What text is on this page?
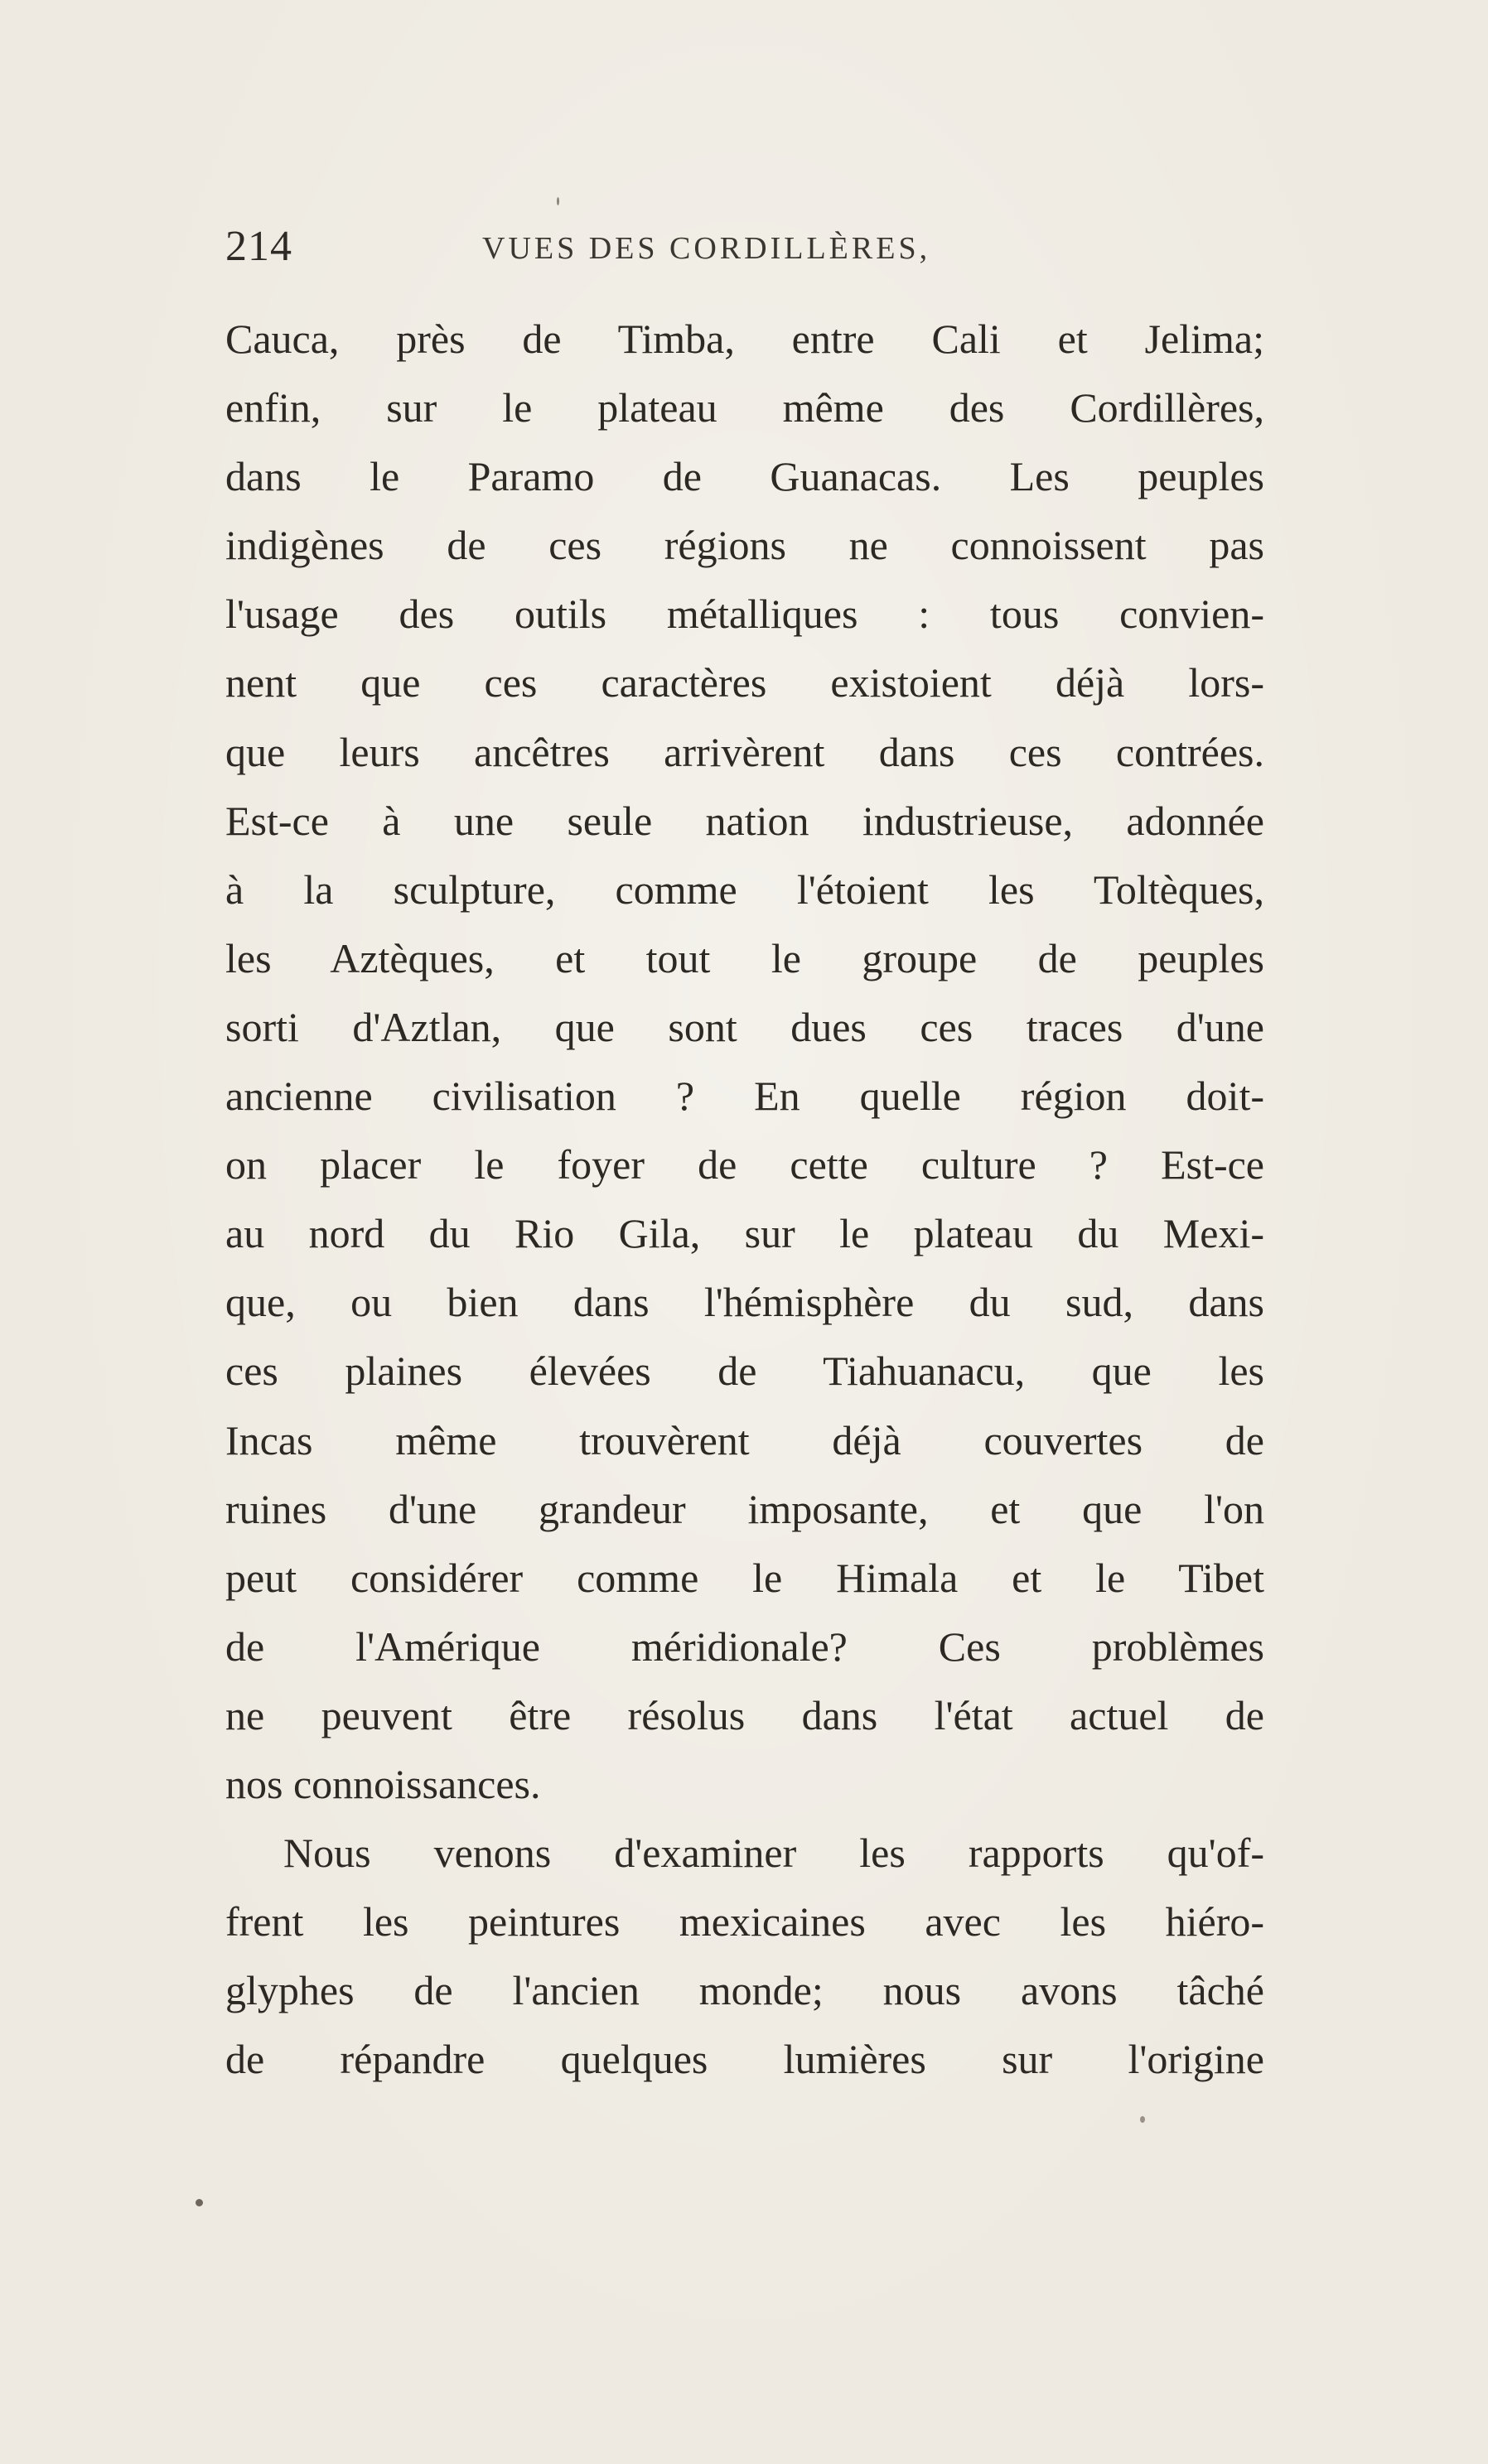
214	VUES DES CORDILLÈRES,
Cauca, près de Timba, entre Cali et Jelima;
enfin, sur le plateau même des Cordillères,
dans le Paramo de Guanacas. Les peuples
indigènes de ces régions ne connoissent pas
l'usage des outils métalliques : tous convien-
nent que ces caractères existoient déjà lors-
que leurs ancêtres arrivèrent dans ces contrées.
Est-ce à une seule nation industrieuse, adonnée
à la sculpture, comme l'étoient les Toltèques,
les Aztèques, et tout le groupe de peuples
sorti d'Aztlan, que sont dues ces traces d'une
ancienne civilisation ? En quelle région doit-
on placer le foyer de cette culture ? Est-ce
au nord du Rio Gila, sur le plateau du Mexi-
que, ou bien dans l'hémisphère du sud, dans
ces plaines élevées de Tiahuanacu, que les
Incas même trouvèrent déjà couvertes de
ruines d'une grandeur imposante, et que l'on
peut considérer comme le Himala et le Tibet
de l'Amérique méridionale? Ces problèmes
ne peuvent être résolus dans l'état actuel de
nos connoissances.
Nous venons d'examiner les rapports qu'of-
frent les peintures mexicaines avec les hiéro-
glyphes de l'ancien monde; nous avons tâché
de répandre quelques lumières sur l'origine
